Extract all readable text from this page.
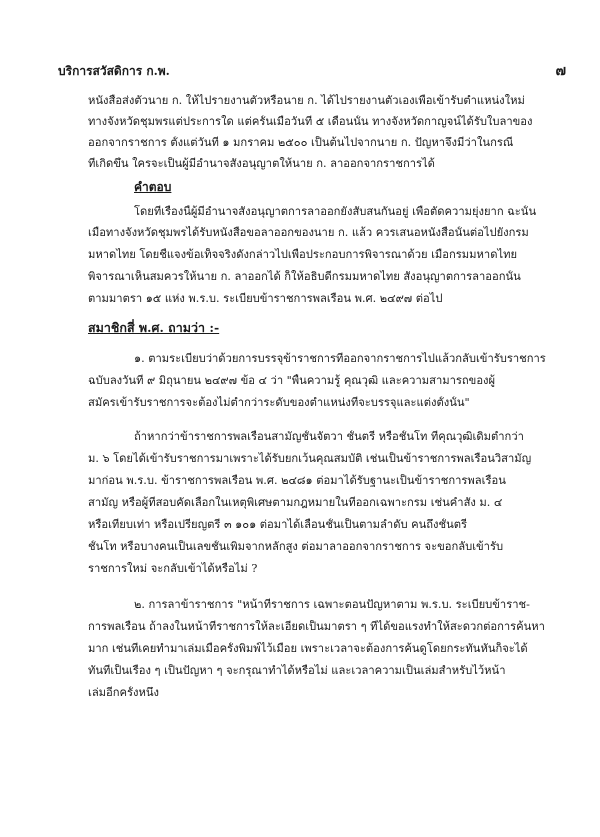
บริการสวัสดิการ ก.พ.	๗
หนังสือส่งตัวนาย ก. ให้ไปรายงานตัวหรือนาย ก. ได้ไปรายงานตัวเองเพื่อเข้ารับตำแหน่งใหม่
ทางจังหวัดชุมพรแต่ประการใด แต่ครั้นเมื่อวันที่ ๕ เดือนนั้น ทางจังหวัดกาญจน์ได้รับใบลาของ
ออกจากราชการ ตั้งแต่วันที่ ๑ มกราคม ๒๕๐๐ เป็นต้นไปจากนาย ก. ปัญหาจึงมีว่าในกรณี
ที่เกิดขึ้น ใครจะเป็นผู้มีอำนาจสั่งอนุญาตให้นาย ก. ลาออกจากราชการได้
คำตอบ
โดยที่เรื่องนี้ผู้มีอำนาจสั่งอนุญาตการลาออกยังสับสนกันอยู่ เพื่อตัดความยุ่งยาก ฉะนั้น
เมื่อทางจังหวัดชุมพรได้รับหนังสือขอลาออกของนาย ก. แล้ว ควรเสนอหนังสือนั้นต่อไปยังกรม
มหาดไทย โดยชี้แจงข้อเท็จจริงดังกล่าวไปเพื่อประกอบการพิจารณาด้วย เมื่อกรมมหาดไทย
พิจารณาเห็นสมควรให้นาย ก. ลาออกได้ ก็ให้อธิบดีกรมมหาดไทย สั่งอนุญาตการลาออกนั้น
ตามมาตรา ๑๕ แห่ง พ.ร.บ. ระเบียบข้าราชการพลเรือน พ.ศ. ๒๔๙๗ ต่อไป
สมาชิกสี่ พ.ศ. ถามว่า :-
๑. ตามระเบียบว่าด้วยการบรรจุข้าราชการที่ออกจากราชการไปแล้วกลับเข้ารับราชการ
ฉบับลงวันที่ ๙ มิถุนายน ๒๔๙๗ ข้อ ๔ ว่า "พื้นความรู้ คุณวุฒิ และความสามารถของผู้
สมัครเข้ารับราชการจะต้องไม่ต่ำกว่าระดับของตำแหน่งที่จะบรรจุและแต่งตั้งนั้น"
ถ้าหากว่าข้าราชการพลเรือนสามัญชั้นจัตวา ชั้นตรี หรือชั้นโท ที่คุณวุฒิเดิมต่ำกว่า
ม. ๖ โดยได้เข้ารับราชการมาเพราะได้รับยกเว้นคุณสมบัติ เช่นเป็นข้าราชการพลเรือนวิสามัญ
มาก่อน พ.ร.บ. ข้าราชการพลเรือน พ.ศ. ๒๔๘๑ ต่อมาได้รับฐานะเป็นข้าราชการพลเรือน
สามัญ หรือผู้ที่สอบคัดเลือกในเหตุพิเศษตามกฎหมายในที่ออกเฉพาะกรม เช่นคำสั่ง ม. ๔
หรือเทียบเท่า หรือเปรียญตรี ๓ ๑๐๑ ต่อมาได้เลื่อนชั้นเป็นตามลำดับ คนถึงชั้นตรี
ชั้นโท หรือบางคนเป็นเลขชั้นเพิ่มจากหลักสูง ต่อมาลาออกจากราชการ จะขอกลับเข้ารับ
ราชการใหม่ จะกลับเข้าได้หรือไม่ ?
๒. การลาข้าราชการ "หน้าที่ราชการ เฉพาะตอนปัญหาตาม พ.ร.บ. ระเบียบข้าราช-
การพลเรือน ถ้าลงในหน้าที่ราชการให้ละเอียดเป็นมาตรา ๆ ที่ได้ขอแรงทำให้สะดวกต่อการค้นหา
มาก เช่นที่เคยทำมาเล่มเมื่อครั้งพิมพ์ไว้เมื่อย เพราะเวลาจะต้องการค้นดูโดยกระทันหันก็จะได้
ทันที่เป็นเรื่อง ๆ เป็นปัญหา ๆ จะกรุณาทำได้หรือไม่ และเวลาความเป็นเล่มสำหรับไว้หน้า
เล่มอีกครั้งหนึ่ง
